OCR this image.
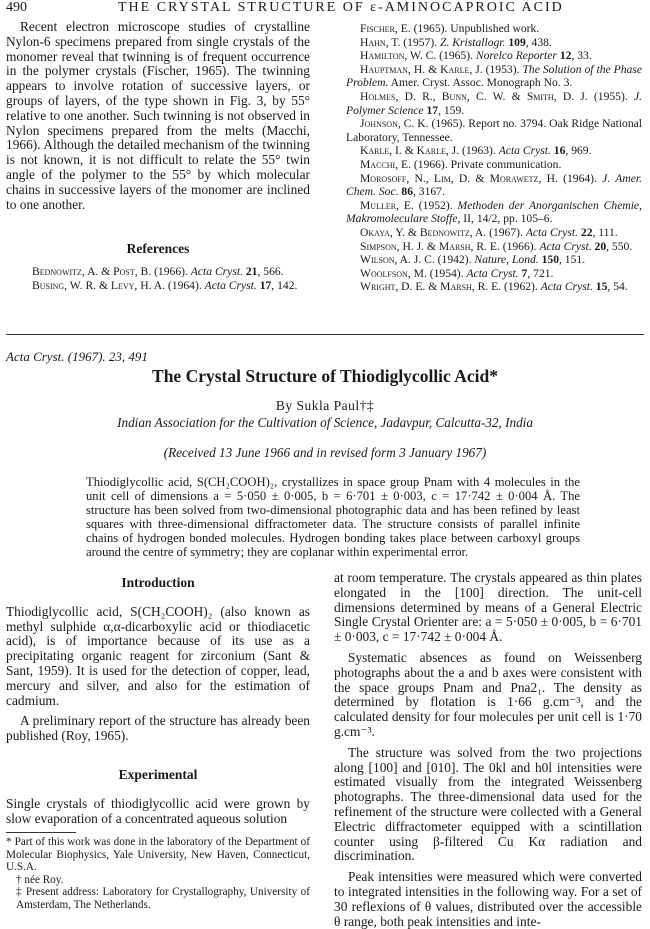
490	THE CRYSTAL STRUCTURE OF ε-AMINOCAPROIC ACID

Recent electron microscope studies of crystalline Nylon-6 specimens prepared from single crystals of the monomer reveal that twinning is of frequent occurrence in the polymer crystals (Fischer, 1965). The twinning appears to involve rotation of successive layers, or groups of layers, of the type shown in Fig. 3, by 55° relative to one another. Such twinning is not observed in Nylon specimens prepared from the melts (Macchi, 1966). Although the detailed mechanism of the twinning is not known, it is not difficult to relate the 55° twin angle of the polymer to the 55° by which molecular chains in successive layers of the monomer are inclined to one another.

References

Bednowitz, A. & Post, B. (1966). Acta Cryst. 21, 566.

Busing, W. R. & Levy, H. A. (1964). Acta Cryst. 17, 142.

Fischer, E. (1965). Unpublished work.

Hahn, T. (1957). Z. Kristallogr. 109, 438.

Hamilton, W. C. (1965). Norelco Reporter 12, 33.

Hauptman, H. & Karle, J. (1953). The Solution of the Phase Problem. Amer. Cryst. Assoc. Monograph No. 3.

Holmes, D. R., Bunn, C. W. & Smith, D. J. (1955). J. Polymer Science 17, 159.

Johnson, C. K. (1965). Report no. 3794. Oak Ridge National Laboratory, Tennessee.

Karle, I. & Karle, J. (1963). Acta Cryst. 16, 969.

Macchi, E. (1966). Private communication.

Morosoff, N., Lim, D. & Morawetz, H. (1964). J. Amer. Chem. Soc. 86, 3167.

Muller, E. (1952). Methoden der Anorganischen Chemie, Makromoleculare Stoffe, II, 14/2, pp. 105–6.

Okaya, Y. & Bednowitz, A. (1967). Acta Cryst. 22, 111.

Simpson, H. J. & Marsh, R. E. (1966). Acta Cryst. 20, 550.

Wilson, A. J. C. (1942). Nature, Lond. 150, 151.

Woolfson, M. (1954). Acta Cryst. 7, 721.

Wright, D. E. & Marsh, R. E. (1962). Acta Cryst. 15, 54.

Acta Cryst. (1967). 23, 491
The Crystal Structure of Thiodiglycollic Acid*
By Sukla Paul†‡
Indian Association for the Cultivation of Science, Jadavpur, Calcutta-32, India
(Received 13 June 1966 and in revised form 3 January 1967)
Thiodiglycollic acid, S(CH₂COOH)₂, crystallizes in space group Pnam with 4 molecules in the unit cell of dimensions a = 5·050 ± 0·005, b = 6·701 ± 0·003, c = 17·742 ± 0·004 Å. The structure has been solved from two-dimensional photographic data and has been refined by least squares with three-dimensional diffractometer data. The structure consists of parallel infinite chains of hydrogen bonded molecules. Hydrogen bonding takes place between carboxyl groups around the centre of symmetry; they are coplanar within experimental error.

Introduction

Thiodiglycollic acid, S(CH₂COOH)₂ (also known as methyl sulphide α,α-dicarboxylic acid or thiodiacetic acid), is of importance because of its use as a precipitating organic reagent for zirconium (Sant & Sant, 1959). It is used for the detection of copper, lead, mercury and silver, and also for the estimation of cadmium.

A preliminary report of the structure has already been published (Roy, 1965).

Experimental

Single crystals of thiodiglycollic acid were grown by slow evaporation of a concentrated aqueous solution

* Part of this work was done in the laboratory of the Department of Molecular Biophysics, Yale University, New Haven, Connecticut, U.S.A.
† née Roy.
‡ Present address: Laboratory for Crystallography, University of Amsterdam, The Netherlands.

at room temperature. The crystals appeared as thin plates elongated in the [100] direction. The unit-cell dimensions determined by means of a General Electric Single Crystal Orienter are: a = 5·050 ± 0·005, b = 6·701 ± 0·003, c = 17·742 ± 0·004 Å.

Systematic absences as found on Weissenberg photographs about the a and b axes were consistent with the space groups Pnam and Pna2₁. The density as determined by flotation is 1·66 g.cm⁻³, and the calculated density for four molecules per unit cell is 1·70 g.cm⁻³.

The structure was solved from the two projections along [100] and [010]. The 0kl and h0l intensities were estimated visually from the integrated Weissenberg photographs. The three-dimensional data used for the refinement of the structure were collected with a General Electric diffractometer equipped with a scintillation counter using β-filtered Cu Kα radiation and discrimination.

Peak intensities were measured which were converted to integrated intensities in the following way. For a set of 30 reflexions of θ values, distributed over the accessible θ range, both peak intensities and inte-
